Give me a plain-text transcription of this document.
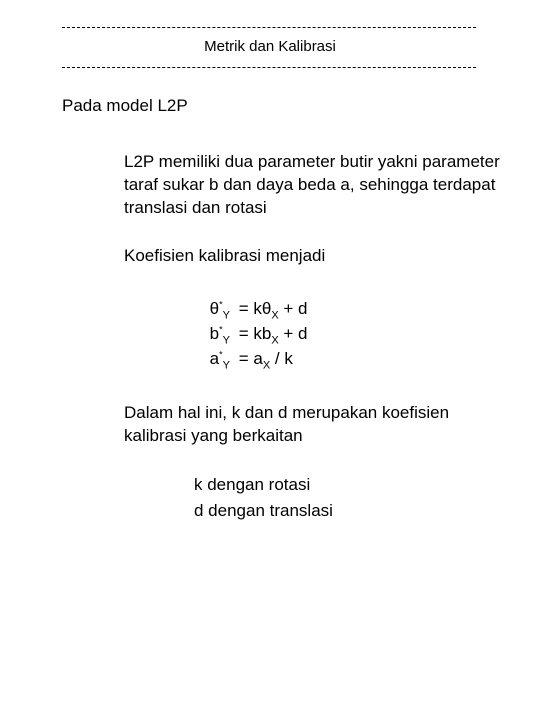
Metrik dan Kalibrasi
Pada model L2P
L2P memiliki dua parameter butir yakni parameter taraf sukar b dan daya beda a, sehingga terdapat translasi dan rotasi
Koefisien kalibrasi menjadi
$\theta^*_Y = k\theta_X + d$
$b^*_Y = kb_X + d$
$a^*_Y = a_X / k$
Dalam hal ini, k dan d merupakan koefisien kalibrasi yang berkaitan
k dengan rotasi
d dengan translasi
